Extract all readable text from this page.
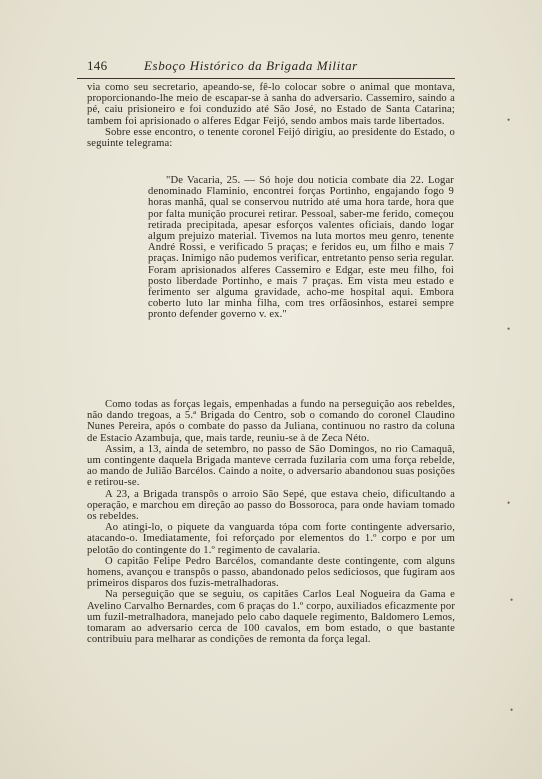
146	Esboço Histórico da Brigada Militar

via como seu secretario, apeando-se, fê-lo colocar sobre o animal que montava, proporcionando-lhe meio de escapar-se à sanha do adversario. Cassemiro, saindo a pé, caiu prisioneiro e foi conduzido até São José, no Estado de Santa Catarina; tambem foi aprisionado o alferes Edgar Feijó, sendo ambos mais tarde libertados.

Sobre esse encontro, o tenente coronel Feijó dirigiu, ao presidente do Estado, o seguinte telegrama:

"De Vacaria, 25. — Só hoje dou noticia combate dia 22. Logar denominado Flaminio, encontrei forças Portinho, engajando fogo 9 horas manhã, qual se conservou nutrido até uma hora tarde, hora que por falta munição procurei retirar. Pessoal, saber-me ferido, começou retirada precipitada, apesar esforços valentes oficiais, dando logar algum prejuizo material. Tivemos na luta mortos meu genro, tenente André Rossi, e verificado 5 praças; e feridos eu, um filho e mais 7 praças. Inimigo não pudemos verificar, entretanto penso seria regular. Foram aprisionados alferes Cassemiro e Edgar, este meu filho, foi posto liberdade Portinho, e mais 7 praças. Em vista meu estado e ferimento ser alguma gravidade, acho-me hospital aqui. Embora coberto luto lar minha filha, com tres orfãosinhos, estarei sempre pronto defender governo v. ex."

Como todas as forças legais, empenhadas a fundo na perseguição aos rebeldes, não dando tregoas, a 5.ª Brigada do Centro, sob o comando do coronel Claudino Nunes Pereira, após o combate do passo da Juliana, continuou no rastro da coluna de Estacio Azambuja, que, mais tarde, reuniu-se à de Zeca Néto.

Assim, a 13, ainda de setembro, no passo de São Domingos, no rio Camaquã, um contingente daquela Brigada manteve cerrada fuzilaria com uma força rebelde, ao mando de Julião Barcélos. Caindo a noite, o adversario abandonou suas posições e retirou-se.

A 23, a Brigada transpôs o arroio São Sepé, que estava cheio, dificultando a operação, e marchou em direção ao passo do Bossoroca, para onde haviam tomado os rebeldes.

Ao atingi-lo, o piquete da vanguarda tópa com forte contingente adversario, atacando-o. Imediatamente, foi reforçado por elementos do 1.º corpo e por um pelotão do contingente do 1.º regimento de cavalaria.

O capitão Felipe Pedro Barcélos, comandante deste contingente, com alguns homens, avançou e transpôs o passo, abandonado pelos sediciosos, que fugiram aos primeiros disparos dos fuzis-metralhadoras.

Na perseguição que se seguiu, os capitães Carlos Leal Nogueira da Gama e Avelino Carvalho Bernardes, com 6 praças do 1.º corpo, auxiliados eficazmente por um fuzil-metralhadora, manejado pelo cabo daquele regimento, Baldomero Lemos, tomaram ao adversario cerca de 100 cavalos, em bom estado, o que bastante contribuiu para melharar as condições de remonta da força legal.

•
•
•
•
•
